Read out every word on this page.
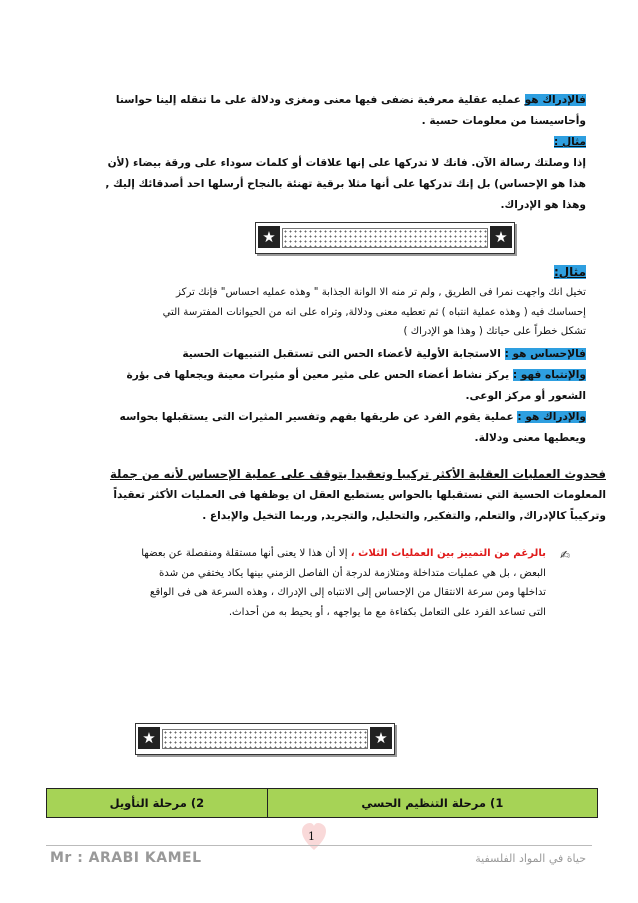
فالإدراك هو عمليه عقلية معرفية نضفى فيها معنى ومغزى ودلالة على ما تنقله إلينا حواسنا

وأحاسيسنا من معلومات حسية .

مثال :

إذا وصلتك رسالة الآن. فانك لا تدركها على إنها علاقات أو كلمات سوداء على ورقة بيضاء (لأن

هذا هو الإحساس) بل إنك تدركها على أنها مثلا برقية تهنئة بالنجاح أرسلها احد أصدقائك إليك ,

وهذا هو الإدراك.

★	★

مثال:

تخيل انك واجهت نمرا فى الطريق , ولم تر منه الا الوانة الجذابة " وهذه عمليه احساس" فإنك تركز

إحساسك فيه ( وهذه عملية انتباه ) ثم تعطيه معنى ودلالة, وتراه على انه من الحيوانات المفترسة التي

تشكل خطراً على حياتك ( وهذا هو الإدراك )

فالإحساس هو : الاستجابة الأولية لأعضاء الحس التى تستقبل التنبيهات الحسية

والإنتباه فهو : يركز نشاط أعضاء الحس على مثير معين أو مثيرات معينة ويجعلها فى بؤرة

الشعور أو مركز الوعى.

والإدراك هو : عملية يقوم الفرد عن طريقها بفهم وتفسير المثيرات التى يستقبلها بحواسه

ويعطيها معنى ودلالة.

فحدوث العمليات العقلية الأكثر تركيبا وتعقيدا يتوقف على عملية الإحساس لأنه من جملة

المعلومات الحسية التي نستقبلها بالحواس يستطيع العقل ان يوظفها فى العمليات الأكثر تعقيداً

وتركيباً كالإدراك, والتعلم, والتفكير, والتحليل, والتجريد, وربما التخيل والإبداع .

✍

بالرغم من التمييز بين العمليات الثلاث ، إلا أن هذا لا يعنى أنها مستقلة ومنفصلة عن بعضها

البعض ، بل هي عمليات متداخلة ومتلازمة لدرجة أن الفاصل الزمني بينها يكاد يختفي من شدة

تداخلها ومن سرعة الانتقال من الإحساس إلى الانتباه إلى الإدراك ، وهذه السرعة هى فى الواقع

التى تساعد الفرد على التعامل بكفاءة مع ما يواجهه ، أو يحيط به من أحداث.

★	★
1) مرحلة التنظيم الحسي	2) مرحلة التأويل
1
Mr : ARABI KAMEL	حياة في المواد الفلسفية
